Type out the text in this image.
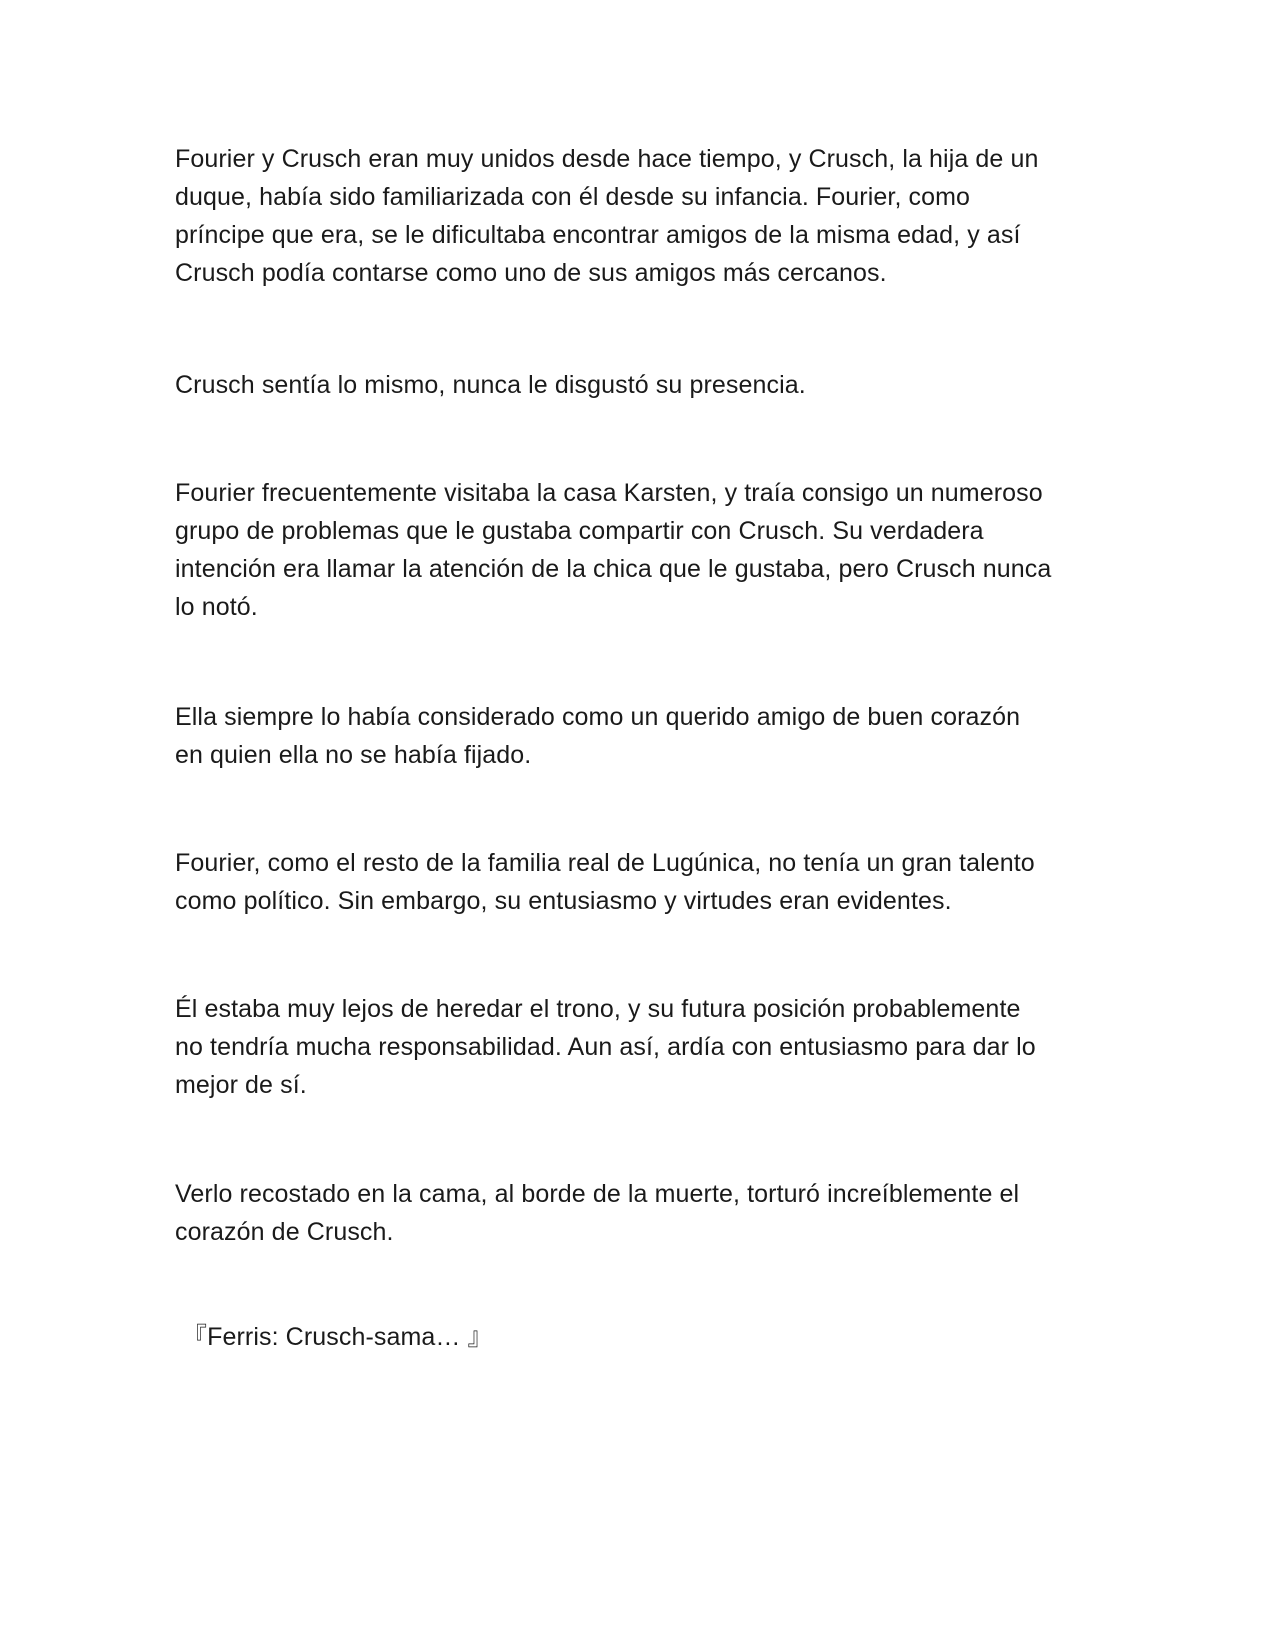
Fourier y Crusch eran muy unidos desde hace tiempo, y Crusch, la hija de un
duque, había sido familiarizada con él desde su infancia. Fourier, como
príncipe que era, se le dificultaba encontrar amigos de la misma edad, y así
Crusch podía contarse como uno de sus amigos más cercanos.

Crusch sentía lo mismo, nunca le disgustó su presencia.

Fourier frecuentemente visitaba la casa Karsten, y traía consigo un numeroso
grupo de problemas que le gustaba compartir con Crusch. Su verdadera
intención era llamar la atención de la chica que le gustaba, pero Crusch nunca
lo notó.

Ella siempre lo había considerado como un querido amigo de buen corazón
en quien ella no se había fijado.

Fourier, como el resto de la familia real de Lugúnica, no tenía un gran talento
como político. Sin embargo, su entusiasmo y virtudes eran evidentes.

Él estaba muy lejos de heredar el trono, y su futura posición probablemente
no tendría mucha responsabilidad. Aun así, ardía con entusiasmo para dar lo
mejor de sí.

Verlo recostado en la cama, al borde de la muerte, torturó increíblemente el
corazón de Crusch.

『Ferris: Crusch-sama… 』
